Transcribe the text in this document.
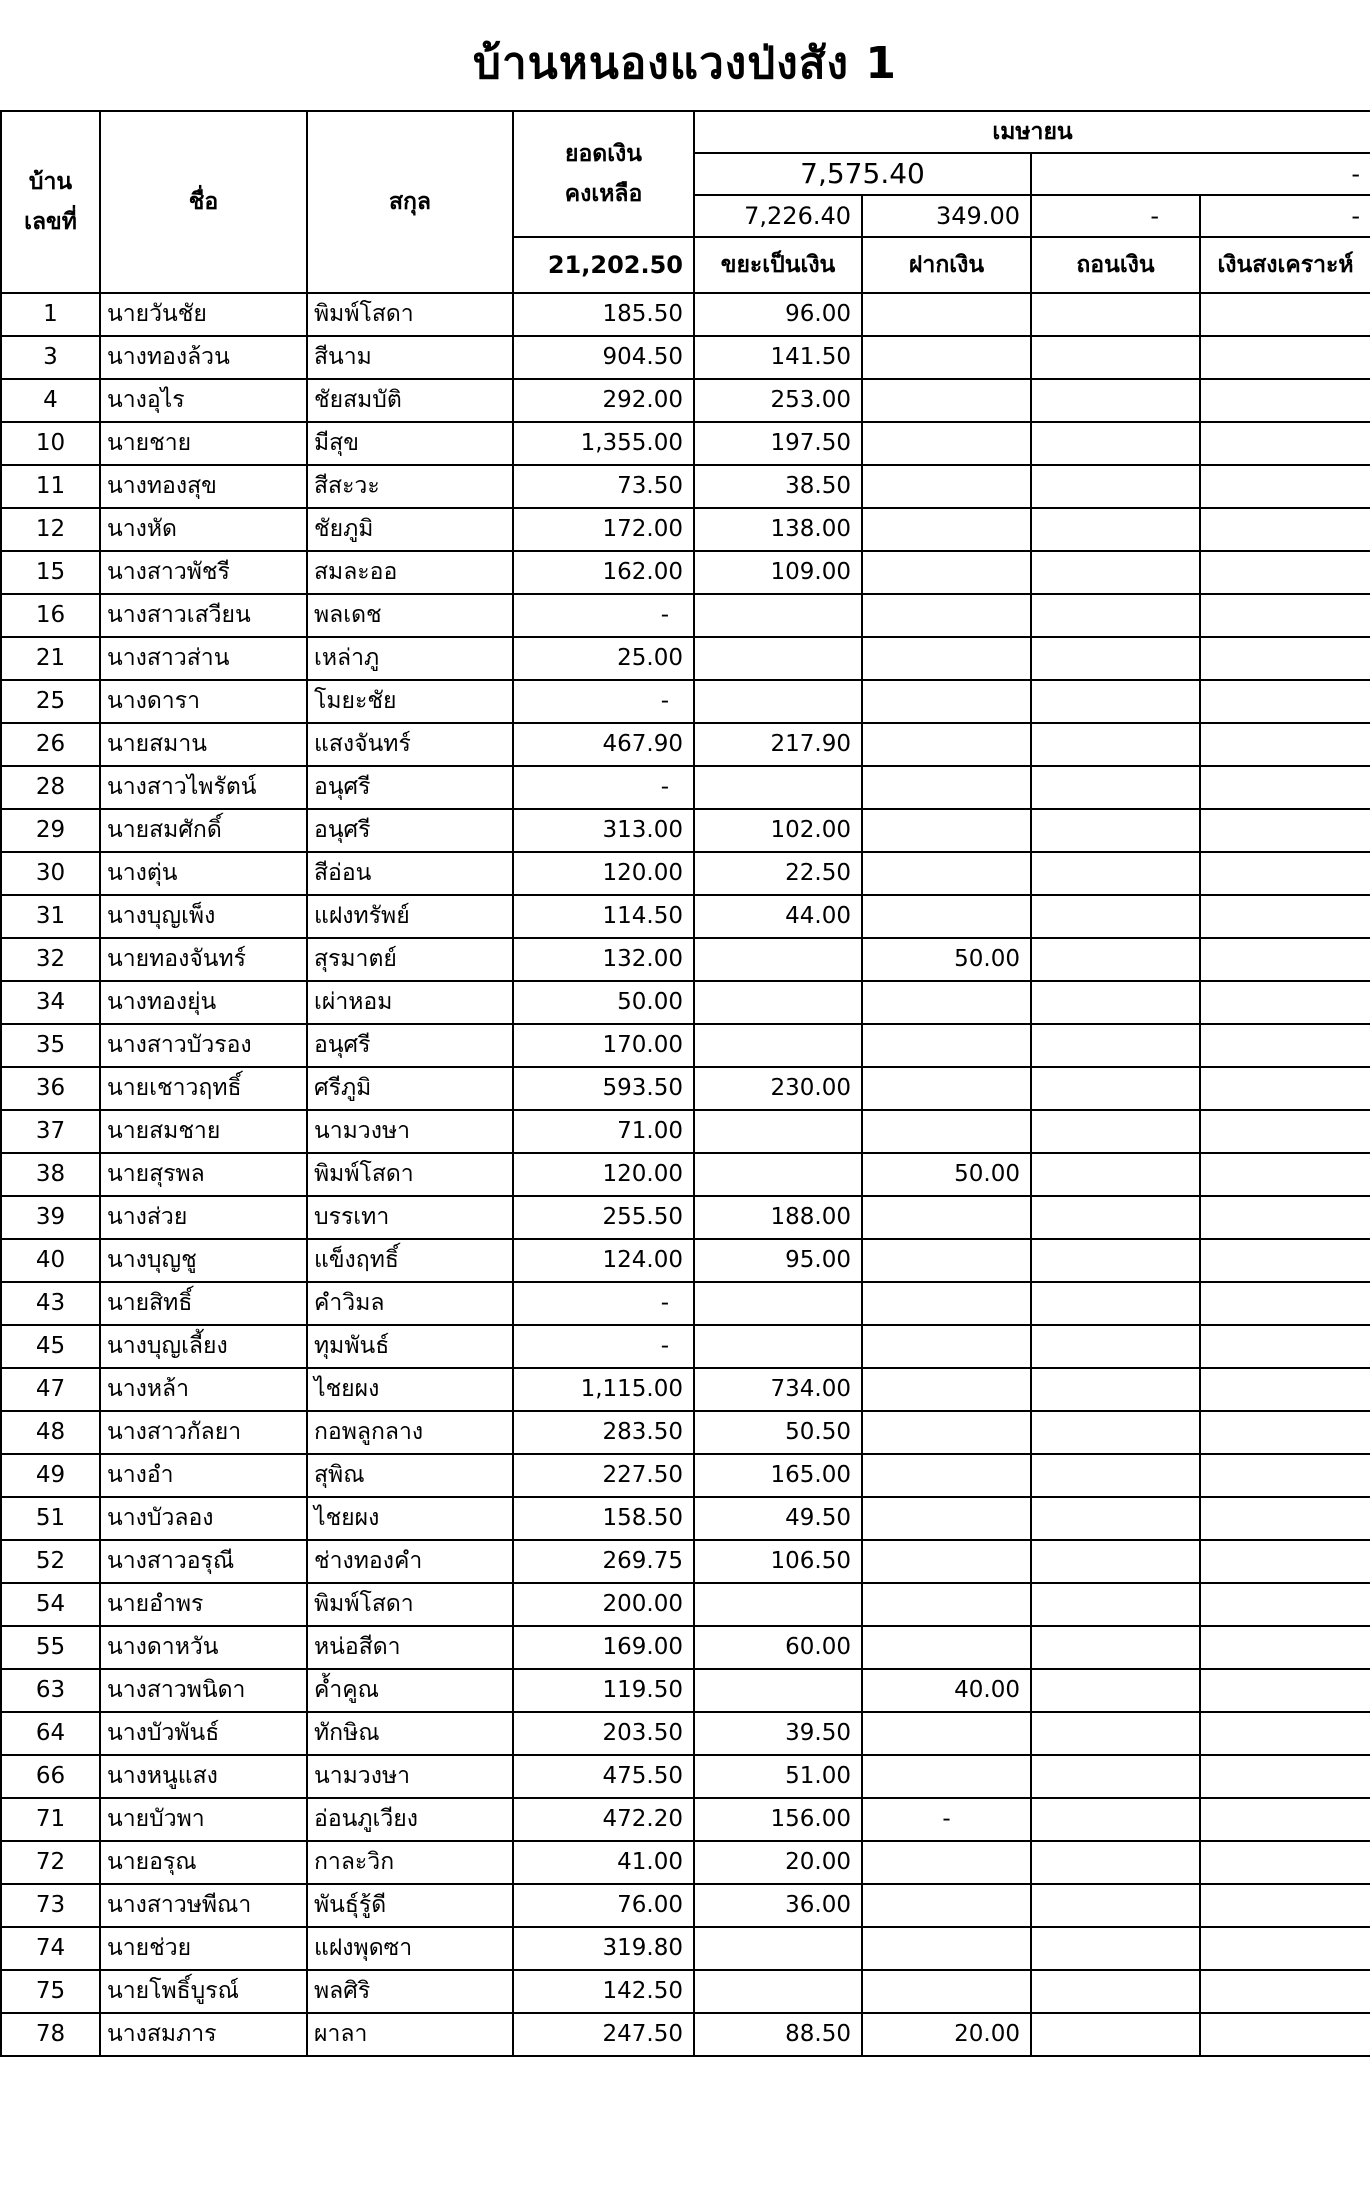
บ้านหนองแวงป่งสัง 1
บ้าน
เลขที่	ชื่อ	สกุล	ยอดเงิน
คงเหลือ	เมษายน			
				7,575.40		-	
				7,226.40	349.00	-	-
			21,202.50	ขยะเป็นเงิน	ฝากเงิน	ถอนเงิน	เงินสงเคราะห์
1	นายวันชัย	พิมพ์โสดา	185.50	96.00			
3	นางทองล้วน	สีนาม	904.50	141.50			
4	นางอุไร	ชัยสมบัติ	292.00	253.00			
10	นายชาย	มีสุข	1,355.00	197.50			
11	นางทองสุข	สีสะวะ	73.50	38.50			
12	นางหัด	ชัยภูมิ	172.00	138.00			
15	นางสาวพัชรี	สมละออ	162.00	109.00			
16	นางสาวเสวียน	พลเดช	-				
21	นางสาวส่าน	เหล่าภู	25.00				
25	นางดารา	โมยะชัย	-				
26	นายสมาน	แสงจันทร์	467.90	217.90			
28	นางสาวไพรัตน์	อนุศรี	-				
29	นายสมศักดิ์	อนุศรี	313.00	102.00			
30	นางตุ่น	สีอ่อน	120.00	22.50			
31	นางบุญเพ็ง	แฝงทรัพย์	114.50	44.00			
32	นายทองจันทร์	สุรมาตย์	132.00		50.00		
34	นางทองยุ่น	เผ่าหอม	50.00				
35	นางสาวบัวรอง	อนุศรี	170.00				
36	นายเชาวฤทธิ์	ศรีภูมิ	593.50	230.00			
37	นายสมชาย	นามวงษา	71.00				
38	นายสุรพล	พิมพ์โสดา	120.00		50.00		
39	นางส่วย	บรรเทา	255.50	188.00			
40	นางบุญชู	แข็งฤทธิ์	124.00	95.00			
43	นายสิทธิ์	คำวิมล	-				
45	นางบุญเลี้ยง	ทุมพันธ์	-				
47	นางหล้า	ไชยผง	1,115.00	734.00			
48	นางสาวกัลยา	กอพลูกลาง	283.50	50.50			
49	นางอำ	สุพิณ	227.50	165.00			
51	นางบัวลอง	ไชยผง	158.50	49.50			
52	นางสาวอรุณี	ช่างทองคำ	269.75	106.50			
54	นายอำพร	พิมพ์โสดา	200.00				
55	นางดาหวัน	หน่อสีดา	169.00	60.00			
63	นางสาวพนิดา	ค้ำคูณ	119.50		40.00		
64	นางบัวพันธ์	ทักษิณ	203.50	39.50			
66	นางหนูแสง	นามวงษา	475.50	51.00			
71	นายบัวพา	อ่อนภูเวียง	472.20	156.00	-		
72	นายอรุณ	กาละวิก	41.00	20.00			
73	นางสาวษพีณา	พันธุ์รู้ดี	76.00	36.00			
74	นายช่วย	แฝงพุดซา	319.80				
75	นายโพธิ์บูรณ์	พลศิริ	142.50				
78	นางสมภาร	ผาลา	247.50	88.50	20.00		
